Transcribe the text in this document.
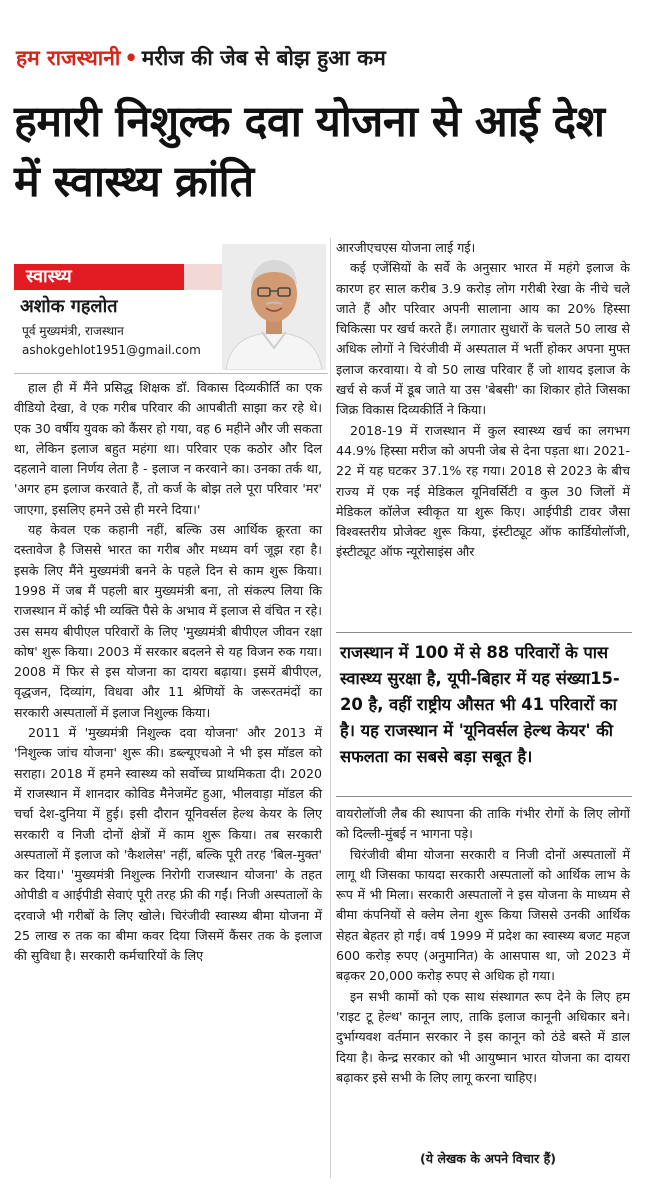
हम राजस्थानी • मरीज की जेब से बोझ हुआ कम
हमारी निशुल्क दवा योजना से आई देश में स्वास्थ्य क्रांति
स्वास्थ्य
अशोक गहलोत
पूर्व मुख्यमंत्री, राजस्थान
ashokgehlot1951@gmail.com

हाल ही में मैंने प्रसिद्ध शिक्षक डॉ. विकास दिव्यकीर्ति का एक वीडियो देखा, वे एक गरीब परिवार की आपबीती साझा कर रहे थे। एक 30 वर्षीय युवक को कैंसर हो गया, वह 6 महीने और जी सकता था, लेकिन इलाज बहुत महंगा था। परिवार एक कठोर और दिल दहलाने वाला निर्णय लेता है - इलाज न करवाने का। उनका तर्क था, 'अगर हम इलाज करवाते हैं, तो कर्ज के बोझ तले पूरा परिवार 'मर' जाएगा, इसलिए हमने उसे ही मरने दिया।'

यह केवल एक कहानी नहीं, बल्कि उस आर्थिक क्रूरता का दस्तावेज है जिससे भारत का गरीब और मध्यम वर्ग जूझ रहा है। इसके लिए मैंने मुख्यमंत्री बनने के पहले दिन से काम शुरू किया। 1998 में जब मैं पहली बार मुख्यमंत्री बना, तो संकल्प लिया कि राजस्थान में कोई भी व्यक्ति पैसे के अभाव में इलाज से वंचित न रहे। उस समय बीपीएल परिवारों के लिए 'मुख्यमंत्री बीपीएल जीवन रक्षा कोष' शुरू किया। 2003 में सरकार बदलने से यह विजन रुक गया। 2008 में फिर से इस योजना का दायरा बढ़ाया। इसमें बीपीएल, वृद्धजन, दिव्यांग, विधवा और 11 श्रेणियों के जरूरतमंदों का सरकारी अस्पतालों में इलाज निशुल्क किया।

2011 में 'मुख्यमंत्री निशुल्क दवा योजना' और 2013 में 'निशुल्क जांच योजना' शुरू की। डब्ल्यूएचओ ने भी इस मॉडल को सराहा। 2018 में हमने स्वास्थ्य को सर्वोच्च प्राथमिकता दी। 2020 में राजस्थान में शानदार कोविड मैनेजमेंट हुआ, भीलवाड़ा मॉडल की चर्चा देश-दुनिया में हुई। इसी दौरान यूनिवर्सल हेल्थ केयर के लिए सरकारी व निजी दोनों क्षेत्रों में काम शुरू किया। तब सरकारी अस्पतालों में इलाज को 'कैशलेस' नहीं, बल्कि पूरी तरह 'बिल-मुक्त' कर दिया।' 'मुख्यमंत्री निशुल्क निरोगी राजस्थान योजना' के तहत ओपीडी व आईपीडी सेवाएं पूरी तरह फ्री की गईं। निजी अस्पतालों के दरवाजे भी गरीबों के लिए खोले। चिरंजीवी स्वास्थ्य बीमा योजना में 25 लाख रु तक का बीमा कवर दिया जिसमें कैंसर तक के इलाज की सुविधा है। सरकारी कर्मचारियों के लिए

आरजीएचएस योजना लाई गई।

कई एजेंसियों के सर्वे के अनुसार भारत में महंगे इलाज के कारण हर साल करीब 3.9 करोड़ लोग गरीबी रेखा के नीचे चले जाते हैं और परिवार अपनी सालाना आय का 20% हिस्सा चिकित्सा पर खर्च करते हैं। लगातार सुधारों के चलते 50 लाख से अधिक लोगों ने चिरंजीवी में अस्पताल में भर्ती होकर अपना मुफ्त इलाज करवाया। ये वो 50 लाख परिवार हैं जो शायद इलाज के खर्च से कर्ज में डूब जाते या उस 'बेबसी' का शिकार होते जिसका जिक्र विकास दिव्यकीर्ति ने किया।

2018-19 में राजस्थान में कुल स्वास्थ्य खर्च का लगभग 44.9% हिस्सा मरीज को अपनी जेब से देना पड़ता था। 2021-22 में यह घटकर 37.1% रह गया। 2018 से 2023 के बीच राज्य में एक नई मेडिकल यूनिवर्सिटी व कुल 30 जिलों में मेडिकल कॉलेज स्वीकृत या शुरू किए। आईपीडी टावर जैसा विश्वस्तरीय प्रोजेक्ट शुरू किया, इंस्टीट्यूट ऑफ कार्डियोलॉजी, इंस्टीट्यूट ऑफ न्यूरोसाइंस और

राजस्थान में 100 में से 88 परिवारों के पास स्वास्थ्य सुरक्षा है, यूपी-बिहार में यह संख्या15-20 है, वहीं राष्ट्रीय औसत भी 41 परिवारों का है। यह राजस्थान में 'यूनिवर्सल हेल्थ केयर' की सफलता का सबसे बड़ा सबूत है।

वायरोलॉजी लैब की स्थापना की ताकि गंभीर रोगों के लिए लोगों को दिल्ली-मुंबई न भागना पड़े।

चिरंजीवी बीमा योजना सरकारी व निजी दोनों अस्पतालों में लागू थी जिसका फायदा सरकारी अस्पतालों को आर्थिक लाभ के रूप में भी मिला। सरकारी अस्पतालों ने इस योजना के माध्यम से बीमा कंपनियों से क्लेम लेना शुरू किया जिससे उनकी आर्थिक सेहत बेहतर हो गई। वर्ष 1999 में प्रदेश का स्वास्थ्य बजट महज 600 करोड़ रुपए (अनुमानित) के आसपास था, जो 2023 में बढ़कर 20,000 करोड़ रुपए से अधिक हो गया।

इन सभी कामों को एक साथ संस्थागत रूप देने के लिए हम 'राइट टू हेल्थ' कानून लाए, ताकि इलाज कानूनी अधिकार बने। दुर्भाग्यवश वर्तमान सरकार ने इस कानून को ठंडे बस्ते में डाल दिया है। केन्द्र सरकार को भी आयुष्मान भारत योजना का दायरा बढ़ाकर इसे सभी के लिए लागू करना चाहिए।

(ये लेखक के अपने विचार हैं)
